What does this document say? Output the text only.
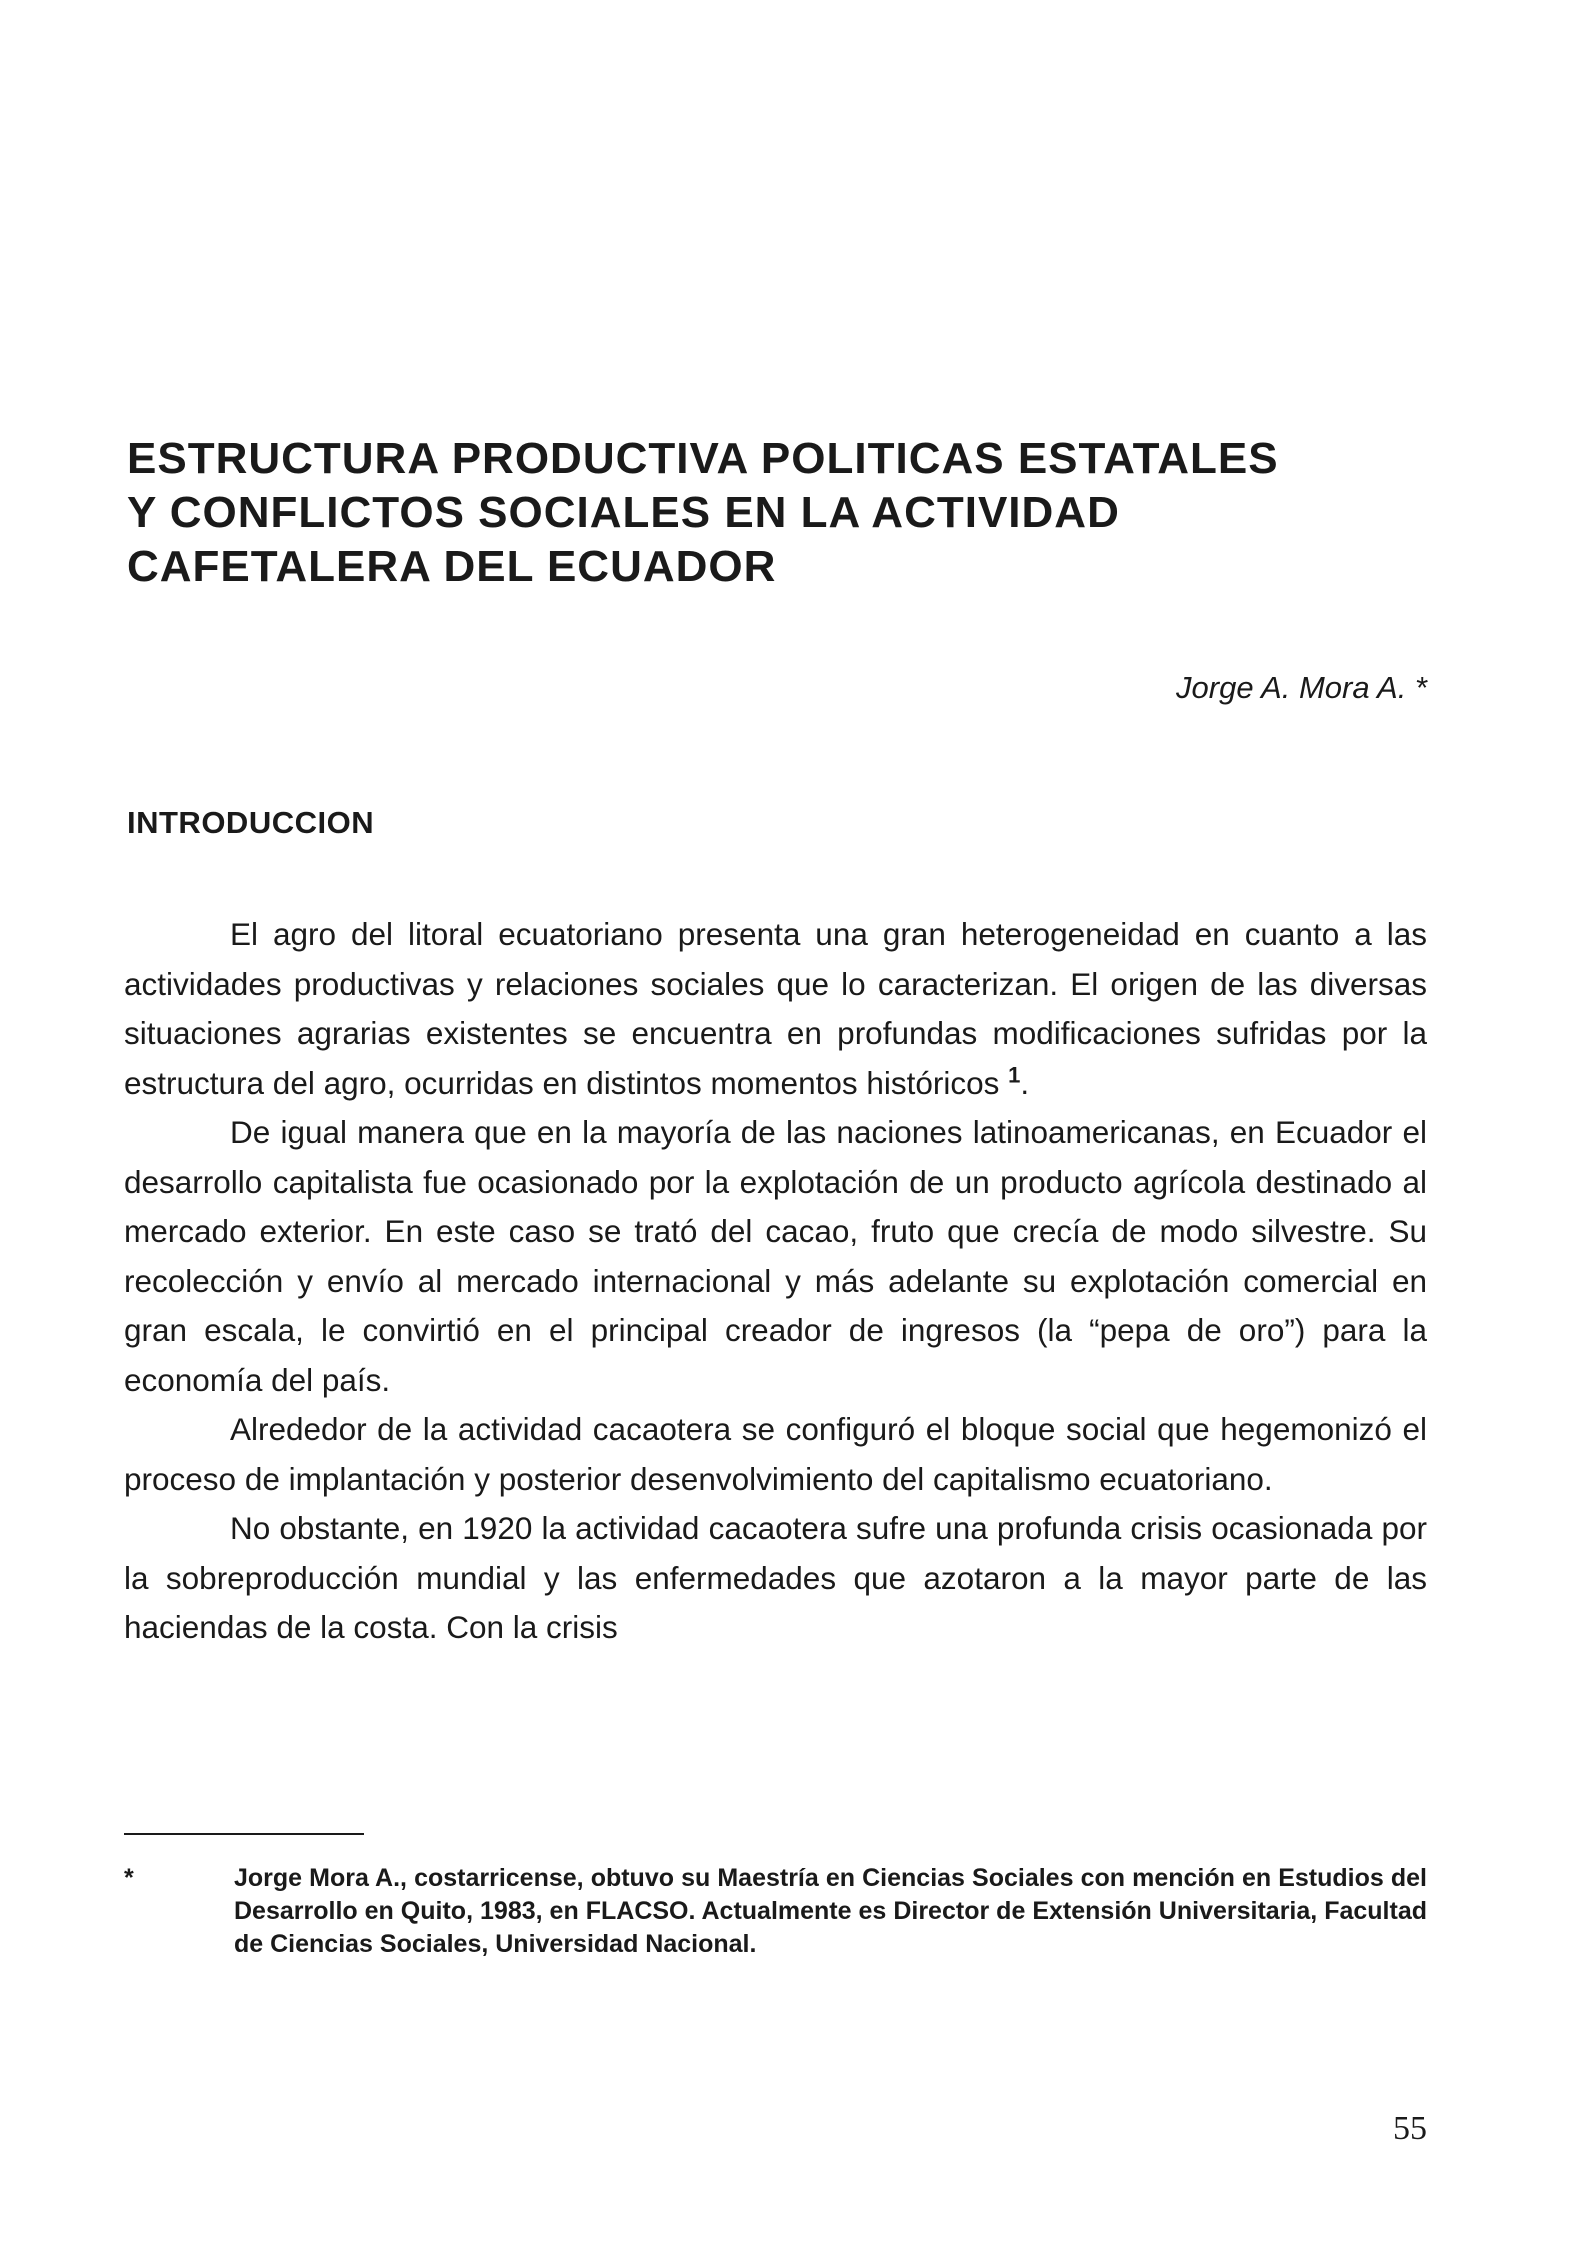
ESTRUCTURA PRODUCTIVA POLITICAS ESTATALES
Y CONFLICTOS SOCIALES EN LA ACTIVIDAD
CAFETALERA DEL ECUADOR

Jorge A. Mora A. *

INTRODUCCION

El agro del litoral ecuatoriano presenta una gran heterogeneidad en cuanto a las actividades productivas y relaciones sociales que lo caracterizan. El origen de las diversas situaciones agrarias existentes se encuentra en profundas modificaciones sufridas por la estructura del agro, ocurridas en distintos momentos históricos $^1$.

De igual manera que en la mayoría de las naciones latinoamericanas, en Ecuador el desarrollo capitalista fue ocasionado por la explotación de un producto agrícola destinado al mercado exterior. En este caso se trató del cacao, fruto que crecía de modo silvestre. Su recolección y envío al mercado internacional y más adelante su explotación comercial en gran escala, le convirtió en el principal creador de ingresos (la “pepa de oro”) para la economía del país.

Alrededor de la actividad cacaotera se configuró el bloque social que hegemonizó el proceso de implantación y posterior desenvolvimiento del capitalismo ecuatoriano.

No obstante, en 1920 la actividad cacaotera sufre una profunda crisis ocasionada por la sobreproducción mundial y las enfermedades que azotaron a la mayor parte de las haciendas de la costa. Con la crisis

*	Jorge Mora A., costarricense, obtuvo su Maestría en Ciencias Sociales con mención en Estudios del Desarrollo en Quito, 1983, en FLACSO. Actualmente es Director de Extensión Universitaria, Facultad de Ciencias Sociales, Universidad Nacional.

55
